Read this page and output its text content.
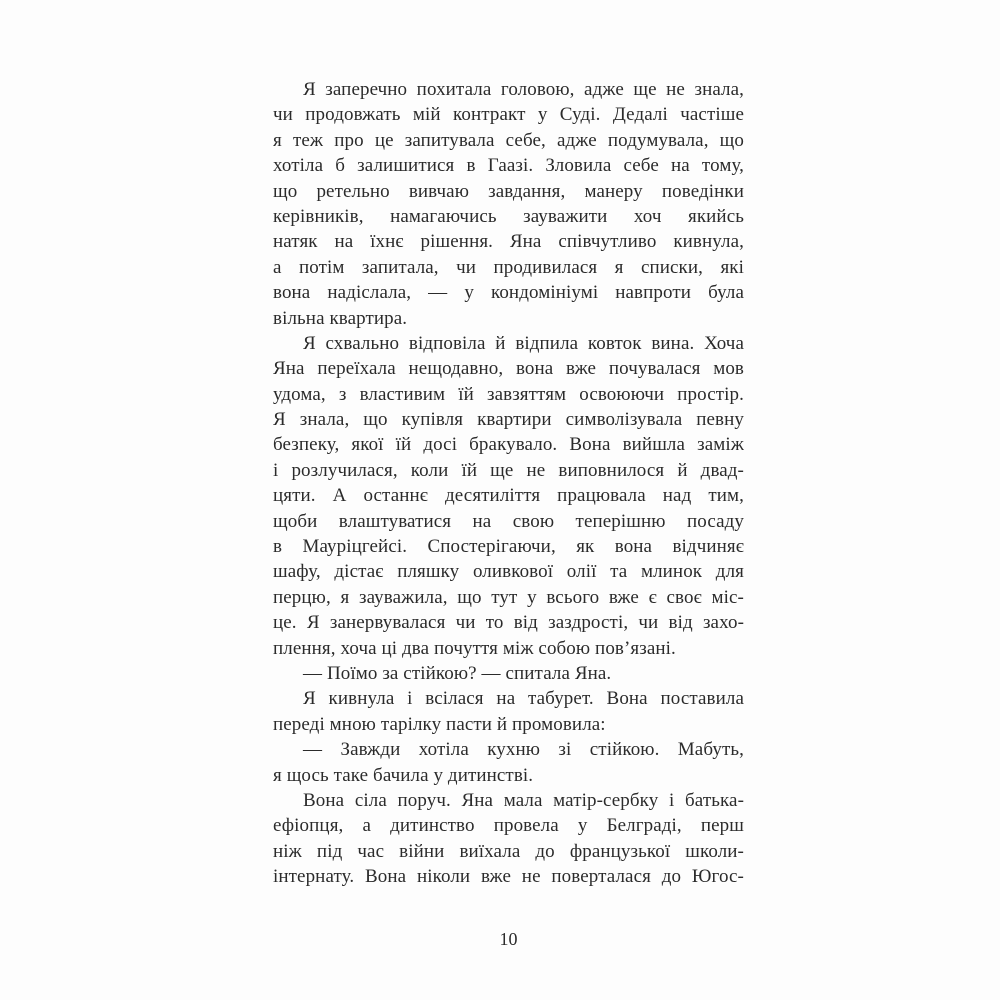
Я заперечно похитала головою, адже ще не знала,
чи продовжать мій контракт у Суді. Дедалі частіше
я теж про це запитувала себе, адже подумувала, що
хотіла б залишитися в Гаазі. Зловила себе на тому,
що ретельно вивчаю завдання, манеру поведінки
керівників, намагаючись зауважити хоч якийсь
натяк на їхнє рішення. Яна співчутливо кивнула,
а потім запитала, чи продивилася я списки, які
вона надіслала, — у кондомініумі навпроти була
вільна квартира.
Я схвально відповіла й відпила ковток вина. Хоча
Яна переїхала нещодавно, вона вже почувалася мов
удома, з властивим їй завзяттям освоюючи простір.
Я знала, що купівля квартири символізувала певну
безпеку, якої їй досі бракувало. Вона вийшла заміж
і розлучилася, коли їй ще не виповнилося й двад-
цяти. А останнє десятиліття працювала над тим,
щоби влаштуватися на свою теперішню посаду
в Мауріцгейсі. Спостерігаючи, як вона відчиняє
шафу, дістає пляшку оливкової олії та млинок для
перцю, я зауважила, що тут у всього вже є своє міс-
це. Я занервувалася чи то від заздрості, чи від захо-
плення, хоча ці два почуття між собою пов’язані.
— Поїмо за стійкою? — спитала Яна.
Я кивнула і всілася на табурет. Вона поставила
переді мною тарілку пасти й промовила:
— Завжди хотіла кухню зі стійкою. Мабуть,
я щось таке бачила у дитинстві.
Вона сіла поруч. Яна мала матір-сербку і батька-
ефіопця, а дитинство провела у Белграді, перш
ніж під час війни виїхала до французької школи-
інтернату. Вона ніколи вже не поверталася до Югос-
10
